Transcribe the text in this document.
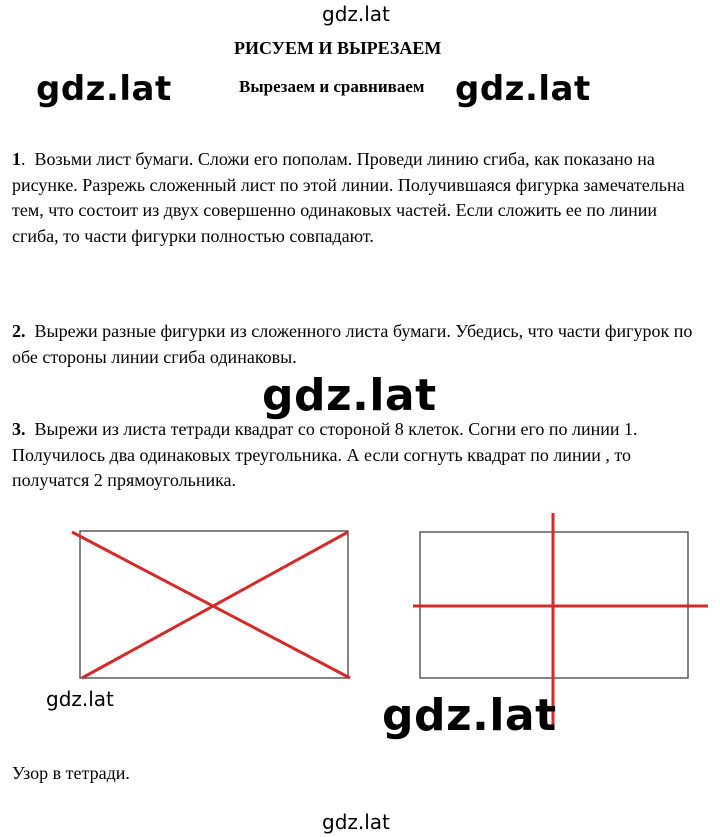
gdz.lat
РИСУЕМ И ВЫРЕЗАЕМ
Вырезаем и сравниваем
gdz.lat	gdz.lat
1.  Возьми лист бумаги. Сложи его пополам. Проведи линию сгиба, как показано на рисунке. Разрежь сложенный лист по этой линии. Получившаяся фигурка замечательна тем, что состоит из двух совершенно одинаковых частей. Если сложить ее по линии сгиба, то части фигурки полностью совпадают.
2. Вырежи разные фигурки из сложенного листа бумаги. Убедись, что части фигурок по обе стороны линии сгиба одинаковы.
gdz.lat
3. Вырежи из листа тетради квадрат со стороной 8 клеток. Согни его по линии 1. Получилось два одинаковых треугольника. А если согнуть квадрат по линии , то получатся 2 прямоугольника.
gdz.lat	gdz.lat
Узор в тетради.
gdz.lat
